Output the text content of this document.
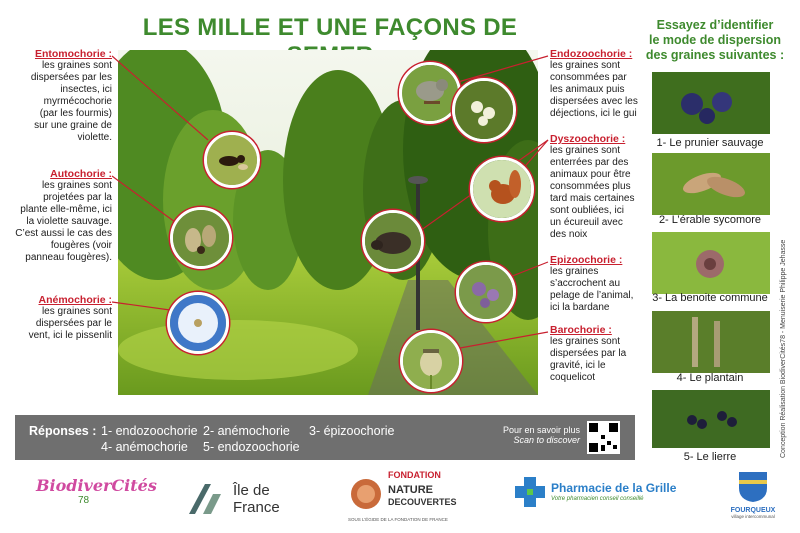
LES MILLE ET UNE FAÇONS DE
Entomochorie :
les graines sont
dispersées par les
insectes, ici
myrmécochorie
(par les fourmis)
sur une graine de
violette.
Autochorie :
les graines sont
projetées par la
plante elle-même, ici
la violette sauvage.
C’est aussi le cas des
fougères (voir
panneau fougères).
Anémochorie :
les graines sont
dispersées par le
vent, ici le pissenlit
Endozoochorie :
les graines sont
consommées par
les animaux puis
dispersées avec les
déjections, ici le gui
Dyszoochorie :
les graines sont
enterrées par des
animaux pour être
consommées plus
tard mais certaines
sont oubliées, ici
un écureuil avec
des noix
Epizoochorie :
les graines
s’accrochent au
pelage de l’animal,
ici la bardane
Barochorie :
les graines sont
dispersées par la
gravité, ici le
coquelicot
Essayez d’identifier
le mode de dispersion
des graines suivantes :
1- Le prunier sauvage
2- L’érable sycomore
3- La benoite commune
4- Le plantain
5- Le lierre	Conception Réalisation BiodiverCités78 - Menuiserie Philippe Jehasse
Réponses : 1- endozoochorie 2- anémochorie 3- épizoochorie
4- anémochorie 5- endozoochorie
Pour en savoir plus
Scan to discover
BiodiverCités
78
Île de
France
FONDATION
NATURE
DECOUVERTES
SOUS L’ÉGIDE DE LA FONDATION DE FRANCE
Pharmacie de la Grille
Votre pharmacien conseil conseillé
FOURQUEUX
village intercommunal
